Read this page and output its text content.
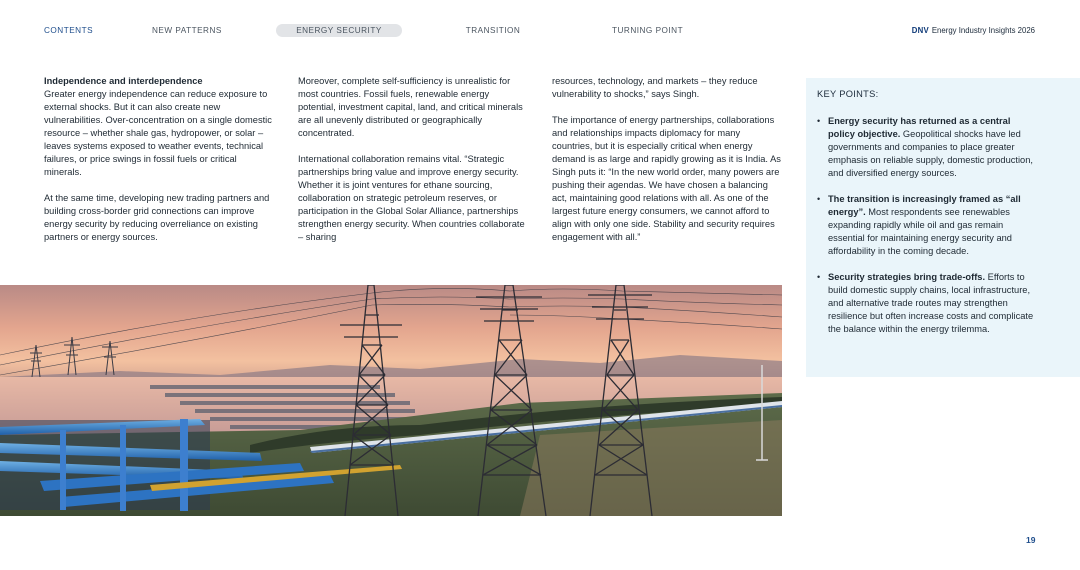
CONTENTS	NEW PATTERNS	ENERGY SECURITY	TRANSITION	TURNING POINT	DNV Energy Industry Insights 2026

Independence and interdependence
Greater energy independence can reduce exposure to external shocks. But it can also create new vulnerabilities. Over-concentration on a single domestic resource – whether shale gas, hydropower, or solar – leaves systems exposed to weather events, technical failures, or price swings in fossil fuels or critical minerals.

At the same time, developing new trading partners and building cross-border grid connections can improve energy security by reducing overreliance on existing partners or energy sources.

Moreover, complete self-sufficiency is unrealistic for most countries. Fossil fuels, renewable energy potential, investment capital, land, and critical minerals are all unevenly distributed or geographically concentrated.

International collaboration remains vital. “Strategic partnerships bring value and improve energy security. Whether it is joint ventures for ethane sourcing, collaboration on strategic petroleum reserves, or participation in the Global Solar Alliance, partnerships strengthen energy security. When countries collaborate – sharing

resources, technology, and markets – they reduce vulnerability to shocks,” says Singh.

The importance of energy partnerships, collaborations and relationships impacts diplomacy for many countries, but it is especially critical when energy demand is as large and rapidly growing as it is India. As Singh puts it: “In the new world order, many powers are pushing their agendas. We have chosen a balancing act, maintaining good relations with all. As one of the largest future energy consumers, we cannot afford to align with only one side. Stability and security requires engagement with all.”

KEY POINTS:
• Energy security has returned as a central policy objective. Geopolitical shocks have led governments and companies to place greater emphasis on reliable supply, domestic production, and diversified energy sources.
• The transition is increasingly framed as “all energy”. Most respondents see renewables expanding rapidly while oil and gas remain essential for maintaining energy security and affordability in the coming decade.
• Security strategies bring trade-offs. Efforts to build domestic supply chains, local infrastructure, and alternative trade routes may strengthen resilience but often increase costs and complicate the balance within the energy trilemma.
19
